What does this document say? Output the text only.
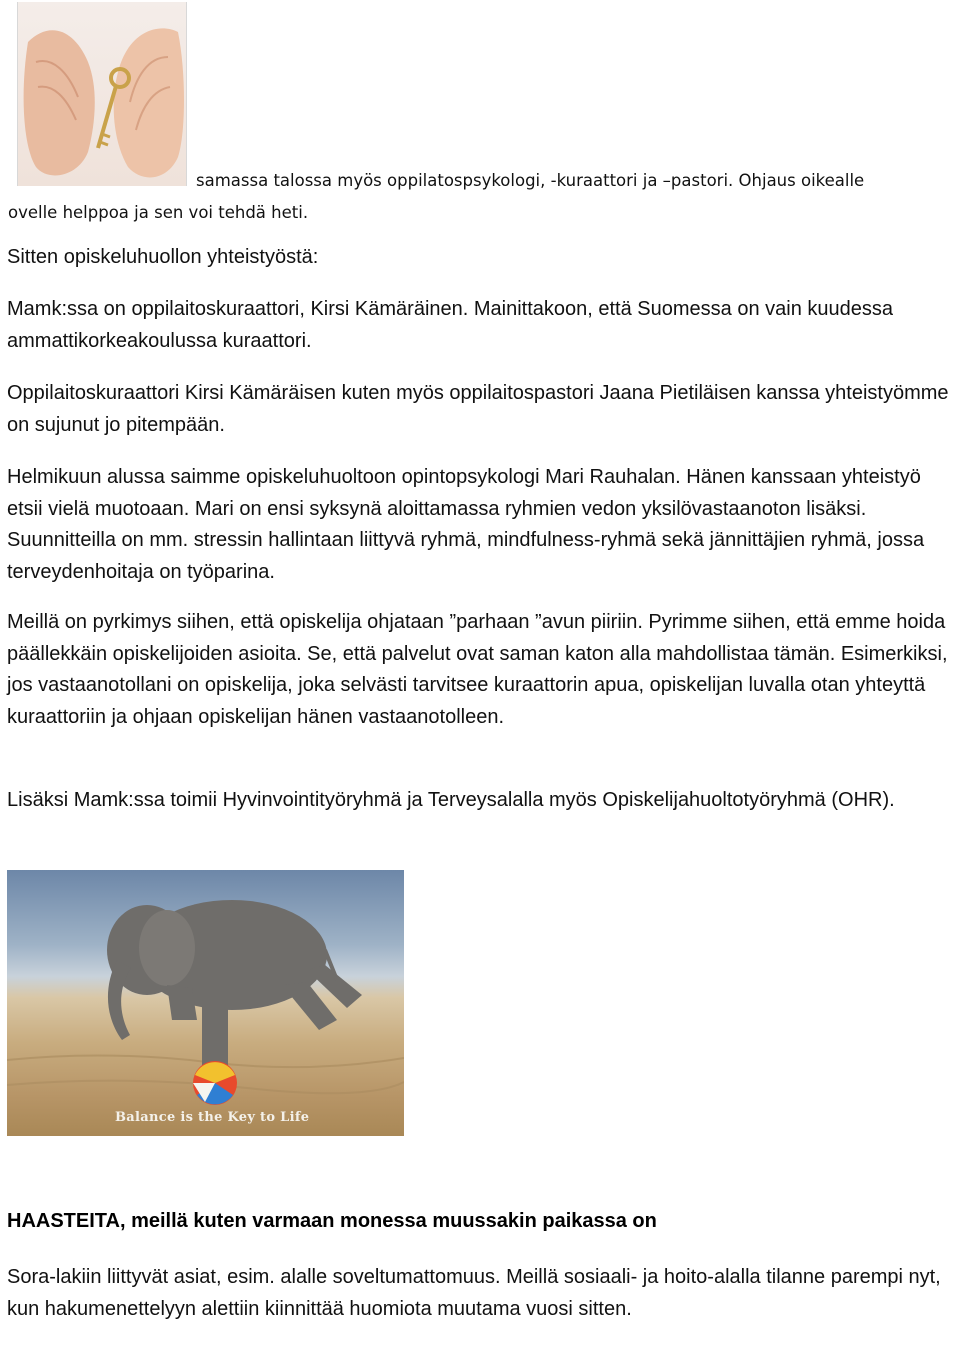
samassa talossa myös oppilatospsykologi, -kuraattori ja –pastori. Ohjaus oikealle
ovelle helppoa ja sen voi tehdä heti.
Sitten opiskeluhuollon yhteistyöstä:
Mamk:ssa on oppilaitoskuraattori, Kirsi Kämäräinen. Mainittakoon, että Suomessa on vain kuudessa ammattikorkeakoulussa kuraattori.
Oppilaitoskuraattori Kirsi Kämäräisen kuten myös oppilaitospastori Jaana Pietiläisen kanssa yhteistyömme on sujunut jo pitempään.
Helmikuun alussa saimme opiskeluhuoltoon opintopsykologi Mari Rauhalan. Hänen kanssaan yhteistyö etsii vielä muotoaan. Mari on ensi syksynä aloittamassa ryhmien vedon yksilövastaanoton lisäksi. Suunnitteilla on mm. stressin hallintaan liittyvä ryhmä, mindfulness-ryhmä sekä jännittäjien ryhmä, jossa terveydenhoitaja on työparina.
Meillä on pyrkimys siihen, että opiskelija ohjataan ”parhaan ”avun piiriin. Pyrimme siihen, että emme hoida päällekkäin opiskelijoiden asioita. Se, että palvelut ovat saman katon alla mahdollistaa tämän. Esimerkiksi, jos vastaanotollani on opiskelija, joka selvästi tarvitsee kuraattorin apua, opiskelijan luvalla otan yhteyttä kuraattoriin ja ohjaan opiskelijan hänen vastaanotolleen.
Lisäksi Mamk:ssa toimii Hyvinvointityöryhmä ja Terveysalalla myös Opiskelijahuoltotyöryhmä (OHR).
Balance is the Key to Life
HAASTEITA, meillä kuten varmaan monessa muussakin paikassa on
Sora-lakiin liittyvät asiat, esim. alalle soveltumattomuus. Meillä sosiaali- ja hoito-alalla tilanne parempi nyt, kun hakumenettelyyn alettiin kiinnittää huomiota muutama vuosi sitten.
